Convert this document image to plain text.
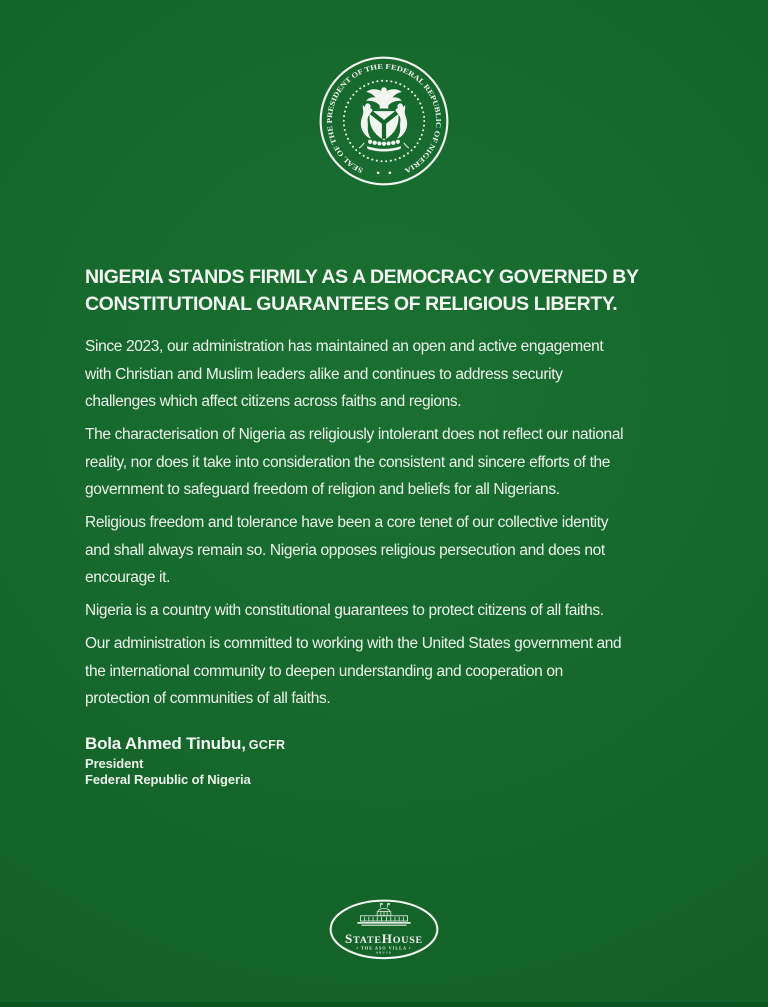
SEAL OF THE PRESIDENT OF THE FEDERAL REPUBLIC OF NIGERIA
NIGERIA STANDS FIRMLY AS A DEMOCRACY GOVERNED BY
CONSTITUTIONAL GUARANTEES OF RELIGIOUS LIBERTY.

Since 2023, our administration has maintained an open and active engagement
with Christian and Muslim leaders alike and continues to address security
challenges which affect citizens across faiths and regions.

The characterisation of Nigeria as religiously intolerant does not reflect our national
reality, nor does it take into consideration the consistent and sincere efforts of the
government to safeguard freedom of religion and beliefs for all Nigerians.

Religious freedom and tolerance have been a core tenet of our collective identity
and shall always remain so. Nigeria opposes religious persecution and does not
encourage it.

Nigeria is a country with constitutional guarantees to protect citizens of all faiths.

Our administration is committed to working with the United States government and
the international community to deepen understanding and cooperation on
protection of communities of all faiths.

Bola Ahmed Tinubu, GCFR
President
Federal Republic of Nigeria
STATEHOUSE
• THE ASO VILLA •
ABUJA
